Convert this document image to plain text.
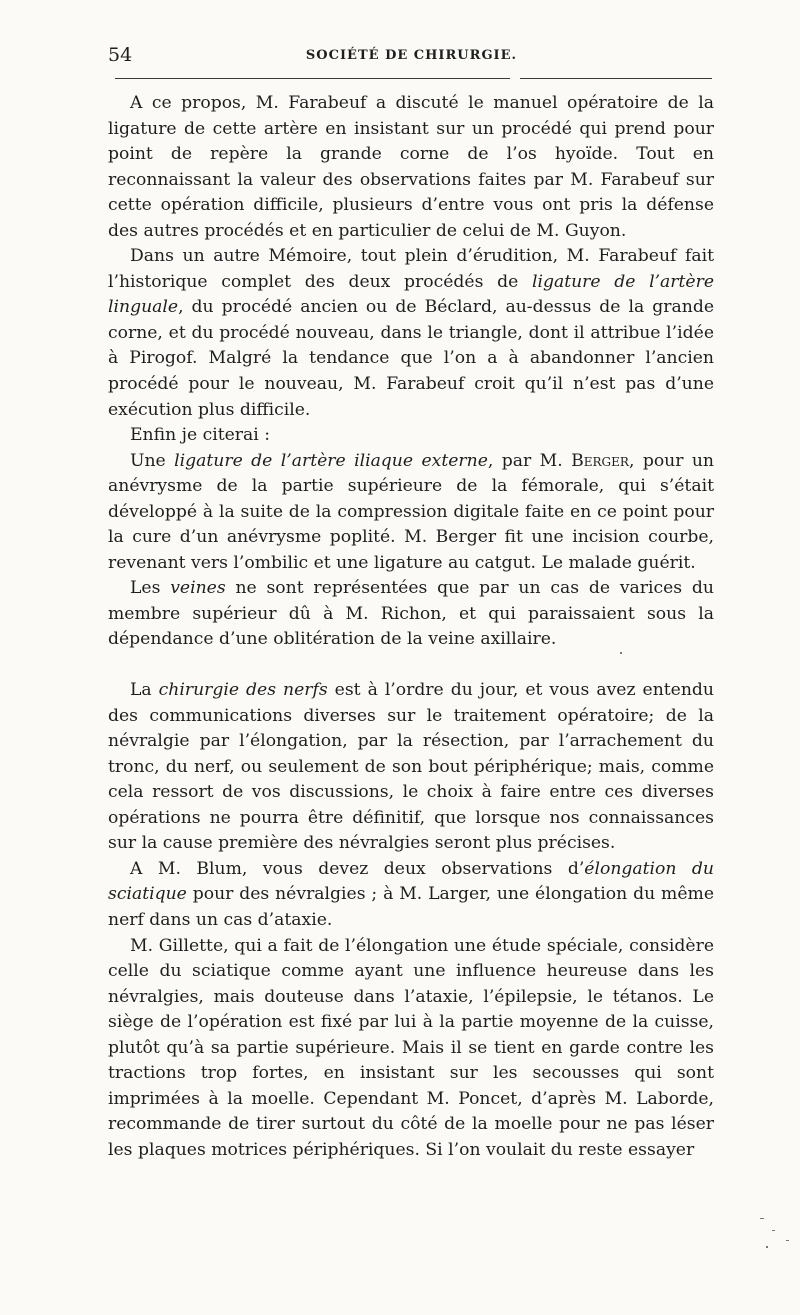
54	SOCIÉTÉ DE CHIRURGIE.

A ce propos, M. Farabeuf a discuté le manuel opératoire de la ligature de cette artère en insistant sur un procédé qui prend pour point de repère la grande corne de l’os hyoïde. Tout en reconnaissant la valeur des observations faites par M. Farabeuf sur cette opération difficile, plusieurs d’entre vous ont pris la défense des autres procédés et en particulier de celui de M. Guyon.

Dans un autre Mémoire, tout plein d’érudition, M. Farabeuf fait l’historique complet des deux procédés de ligature de l’artère linguale, du procédé ancien ou de Béclard, au-dessus de la grande corne, et du procédé nouveau, dans le triangle, dont il attribue l’idée à Pirogof. Malgré la tendance que l’on a à abandonner l’ancien procédé pour le nouveau, M. Farabeuf croit qu’il n’est pas d’une exécution plus difficile.

Enfin je citerai :

Une ligature de l’artère iliaque externe, par M. Berger, pour un anévrysme de la partie supérieure de la fémorale, qui s’était développé à la suite de la compression digitale faite en ce point pour la cure d’un anévrysme poplité. M. Berger fit une incision courbe, revenant vers l’ombilic et une ligature au catgut. Le malade guérit.

Les veines ne sont représentées que par un cas de varices du membre supérieur dû à M. Richon, et qui paraissaient sous la dépendance d’une oblitération de la veine axillaire.

La chirurgie des nerfs est à l’ordre du jour, et vous avez entendu des communications diverses sur le traitement opératoire; de la névralgie par l’élongation, par la résection, par l’arrachement du tronc, du nerf, ou seulement de son bout périphérique; mais, comme cela ressort de vos discussions, le choix à faire entre ces diverses opérations ne pourra être définitif, que lorsque nos connaissances sur la cause première des névralgies seront plus précises.

A M. Blum, vous devez deux observations d’élongation du sciatique pour des névralgies ; à M. Larger, une élongation du même nerf dans un cas d’ataxie.

M. Gillette, qui a fait de l’élongation une étude spéciale, considère celle du sciatique comme ayant une influence heureuse dans les névralgies, mais douteuse dans l’ataxie, l’épilepsie, le tétanos. Le siège de l’opération est fixé par lui à la partie moyenne de la cuisse, plutôt qu’à sa partie supérieure. Mais il se tient en garde contre les tractions trop fortes, en insistant sur les secousses qui sont imprimées à la moelle. Cependant M. Poncet, d’après M. Laborde, recommande de tirer surtout du côté de la moelle pour ne pas léser les plaques motrices périphériques. Si l’on voulait du reste essayer
